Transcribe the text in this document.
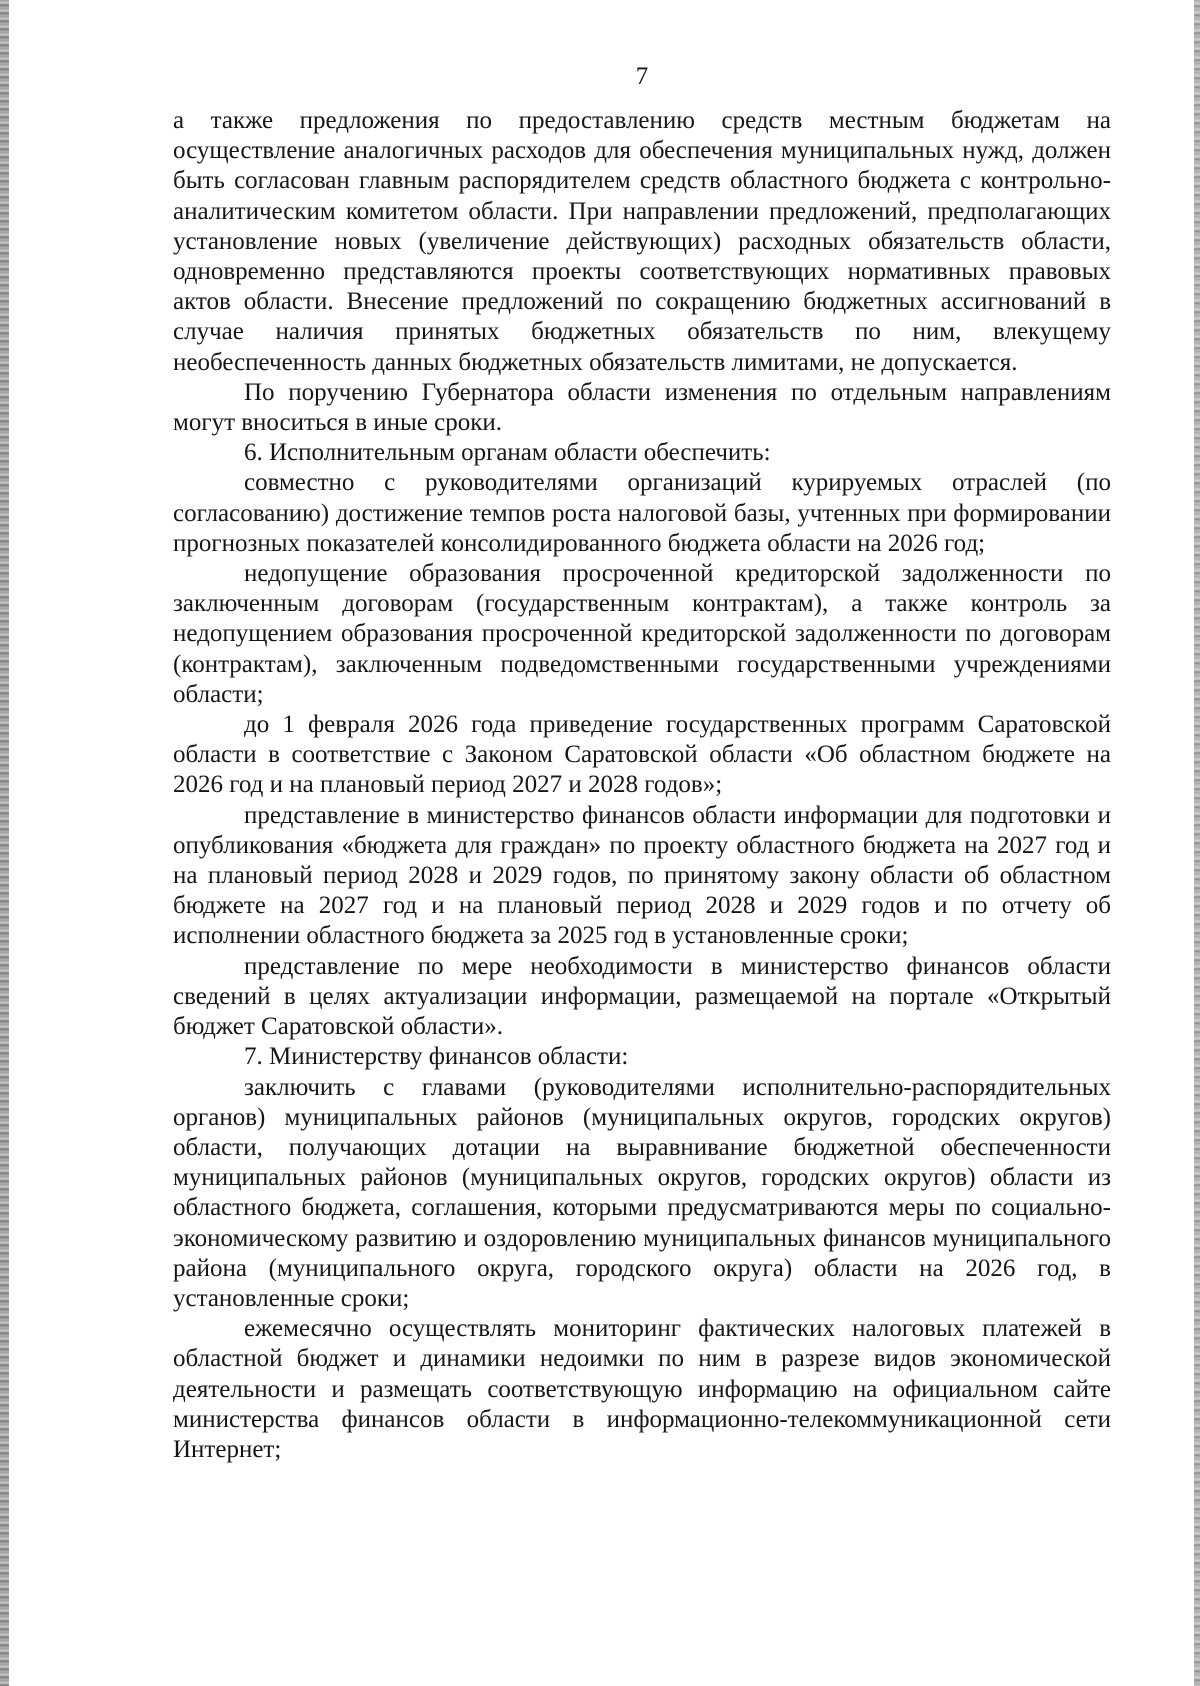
7

а также предложения по предоставлению средств местным бюджетам на осуществление аналогичных расходов для обеспечения муниципальных нужд, должен быть согласован главным распорядителем средств областного бюджета с контрольно-аналитическим комитетом области. При направлении предложений, предполагающих установление новых (увеличение действующих) расходных обязательств области, одновременно представляются проекты соответствующих нормативных правовых актов области. Внесение предложений по сокращению бюджетных ассигнований в случае наличия принятых бюджетных обязательств по ним, влекущему необеспеченность данных бюджетных обязательств лимитами, не допускается.

По поручению Губернатора области изменения по отдельным направлениям могут вноситься в иные сроки.

6. Исполнительным органам области обеспечить:

совместно с руководителями организаций курируемых отраслей (по согласованию) достижение темпов роста налоговой базы, учтенных при формировании прогнозных показателей консолидированного бюджета области на 2026 год;

недопущение образования просроченной кредиторской задолженности по заключенным договорам (государственным контрактам), а также контроль за недопущением образования просроченной кредиторской задолженности по договорам (контрактам), заключенным подведомственными государственными учреждениями области;

до 1 февраля 2026 года приведение государственных программ Саратовской области в соответствие с Законом Саратовской области «Об областном бюджете на 2026 год и на плановый период 2027 и 2028 годов»;

представление в министерство финансов области информации для подготовки и опубликования «бюджета для граждан» по проекту областного бюджета на 2027 год и на плановый период 2028 и 2029 годов, по принятому закону области об областном бюджете на 2027 год и на плановый период 2028 и 2029 годов и по отчету об исполнении областного бюджета за 2025 год в установленные сроки;

представление по мере необходимости в министерство финансов области сведений в целях актуализации информации, размещаемой на портале «Открытый бюджет Саратовской области».

7. Министерству финансов области:

заключить с главами (руководителями исполнительно-распорядительных органов) муниципальных районов (муниципальных округов, городских округов) области, получающих дотации на выравнивание бюджетной обеспеченности муниципальных районов (муниципальных округов, городских округов) области из областного бюджета, соглашения, которыми предусматриваются меры по социально-экономическому развитию и оздоровлению муниципальных финансов муниципального района (муниципального округа, городского округа) области на 2026 год, в установленные сроки;

ежемесячно осуществлять мониторинг фактических налоговых платежей в областной бюджет и динамики недоимки по ним в разрезе видов экономической деятельности и размещать соответствующую информацию на официальном сайте министерства финансов области в информационно-телекоммуникационной сети Интернет;
